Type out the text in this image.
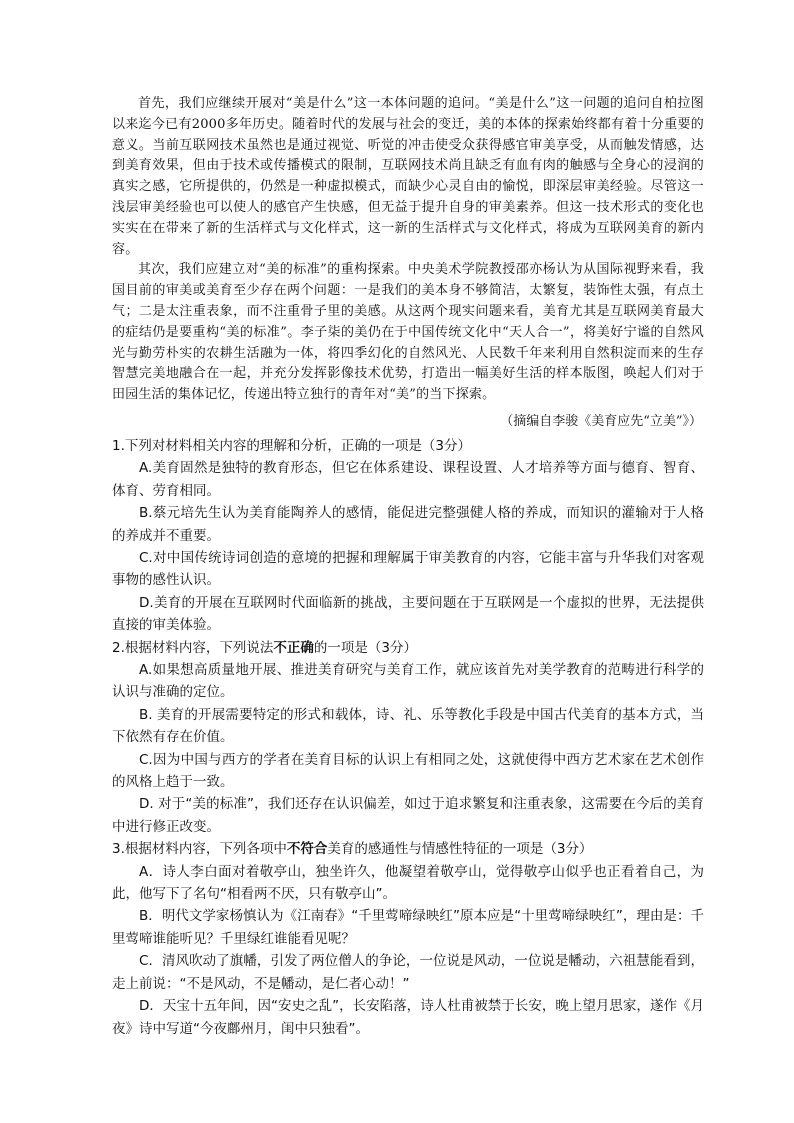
首先，我们应继续开展对“美是什么”这一本体问题的追问。“美是什么”这一问题的追问自柏拉图以来迄今已有2000多年历史。随着时代的发展与社会的变迁，美的本体的探索始终都有着十分重要的意义。当前互联网技术虽然也是通过视觉、听觉的冲击使受众获得感官审美享受，从而触发情感，达到美育效果，但由于技术或传播模式的限制，互联网技术尚且缺乏有血有肉的触感与全身心的浸润的真实之感，它所提供的，仍然是一种虚拟模式，而缺少心灵自由的愉悦，即深层审美经验。尽管这一浅层审美经验也可以使人的感官产生快感，但无益于提升自身的审美素养。但这一技术形式的变化也实实在在带来了新的生活样式与文化样式，这一新的生活样式与文化样式，将成为互联网美育的新内容。

其次，我们应建立对“美的标准”的重构探索。中央美术学院教授邵亦杨认为从国际视野来看，我国目前的审美或美育至少存在两个问题：一是我们的美本身不够简洁，太繁复，装饰性太强，有点土气；二是太注重表象，而不注重骨子里的美感。从这两个现实问题来看，美育尤其是互联网美育最大的症结仍是要重构“美的标准”。李子柒的美仍在于中国传统文化中“天人合一”，将美好宁谧的自然风光与勤劳朴实的农耕生活融为一体，将四季幻化的自然风光、人民数千年来利用自然积淀而来的生存智慧完美地融合在一起，并充分发挥影像技术优势，打造出一幅美好生活的样本版图，唤起人们对于田园生活的集体记忆，传递出特立独行的青年对“美”的当下探索。

（摘编自李骏《美育应先“立美”》）

1.下列对材料相关内容的理解和分析，正确的一项是（3分）

A.美育固然是独特的教育形态，但它在体系建设、课程设置、人才培养等方面与德育、智育、体育、劳育相同。

B.蔡元培先生认为美育能陶养人的感情，能促进完整强健人格的养成，而知识的灌输对于人格的养成并不重要。

C.对中国传统诗词创造的意境的把握和理解属于审美教育的内容，它能丰富与升华我们对客观事物的感性认识。

D.美育的开展在互联网时代面临新的挑战，主要问题在于互联网是一个虚拟的世界，无法提供直接的审美体验。

2.根据材料内容，下列说法不正确的一项是（3分）

A.如果想高质量地开展、推进美育研究与美育工作，就应该首先对美学教育的范畴进行科学的认识与准确的定位。

B. 美育的开展需要特定的形式和载体，诗、礼、乐等教化手段是中国古代美育的基本方式，当下依然有存在价值。

C.因为中国与西方的学者在美育目标的认识上有相同之处，这就使得中西方艺术家在艺术创作的风格上趋于一致。

D. 对于“美的标准”，我们还存在认识偏差，如过于追求繁复和注重表象，这需要在今后的美育中进行修正改变。

3.根据材料内容，下列各项中不符合美育的感通性与情感性特征的一项是（3分）

A．诗人李白面对着敬亭山，独坐许久，他凝望着敬亭山，觉得敬亭山似乎也正看着自己，为此，他写下了名句“相看两不厌，只有敬亭山”。

B．明代文学家杨慎认为《江南春》“千里莺啼绿映红”原本应是“十里莺啼绿映红”，理由是：千里莺啼谁能听见？千里绿红谁能看见呢？

C．清风吹动了旗幡，引发了两位僧人的争论，一位说是风动，一位说是幡动，六祖慧能看到，走上前说：“不是风动，不是幡动，是仁者心动！”

D．天宝十五年间，因“安史之乱”，长安陷落，诗人杜甫被禁于长安，晚上望月思家，遂作《月夜》诗中写道“今夜鄜州月，闺中只独看”。
